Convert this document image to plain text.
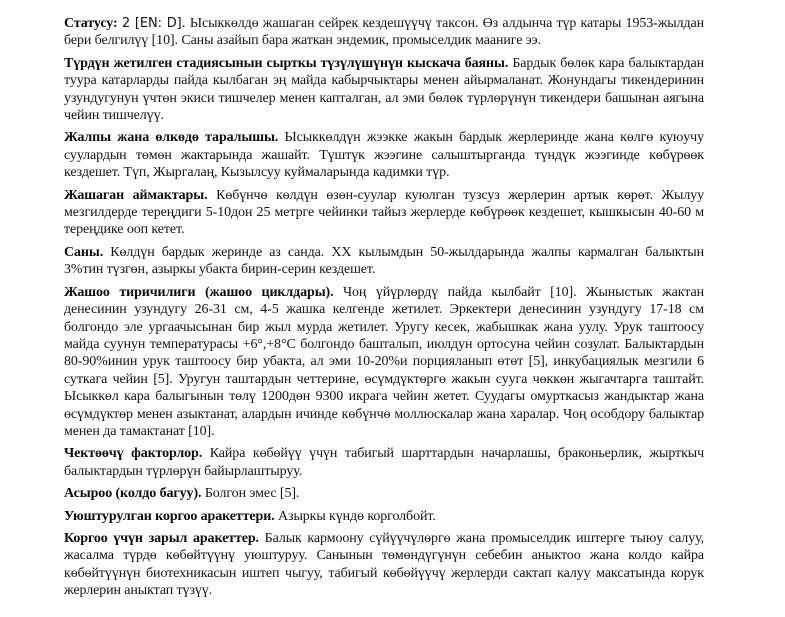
Статусу: 2 [EN: D]. Ысыккөлдө жашаган сейрек кездешүүчү таксон. Өз алдынча түр катары 1953-жылдан бери белгилүү [10]. Саны азайып бара жаткан эндемик, промыселдик мааниге ээ.

Түрдүн жетилген стадиясынын сырткы түзүлүшүнүн кыскача баяны. Бардык бөлөк кара балыктардан туура катарларды пайда кылбаган эң майда кабырчыктары менен айырмаланат. Жонундагы тикендеринин узундугунун үчтөн экиси тишчелер менен капталган, ал эми бөлөк түрлөрүнүн тикендери башынан аягына чейин тишчелүү.

Жалпы жана өлкөдө таралышы. Ысыккөлдүн жээкке жакын бардык жерлеринде жана көлгө куюучу суулардын төмөн жактарында жашайт. Түштүк жээгине салыштырганда түндүк жээгинде көбүрөөк кездешет. Түп, Жыргалаң, Кызылсуу куймаларында кадимки түр.

Жашаган аймактары. Көбүнчө көлдүн өзөн-суулар куюлган тузсуз жерлерин артык көрөт. Жылуу мезгилдерде тереңдиги 5-10дон 25 метрге чейинки тайыз жерлерде көбүрөөк кездешет, кышкысын 40-60 м тереңдике ооп кетет.

Саны. Көлдүн бардык жеринде аз санда. XX кылымдын 50-жылдарында жалпы кармалган балыктын 3%тин түзгөн, азыркы убакта бирин-серин кездешет.

Жашоо тиричилиги (жашоо циклдары). Чоң үйүрлөрдү пайда кылбайт [10]. Жыныстык жактан денесинин узундугу 26-31 см, 4-5 жашка келгенде жетилет. Эркектери денесинин узундугу 17-18 см болгондо эле ургаачысынан бир жыл мурда жетилет. Уругу кесек, жабышкак жана уулу. Урук таштоосу майда суунун температурасы +6°,+8°С болгондо башталып, июлдун ортосуна чейин созулат. Балыктардын 80-90%инин урук таштоосу бир убакта, ал эми 10-20%и порцияланып өтөт [5], инкубациялык мезгили 6 суткага чейин [5]. Уругун таштардын четтерине, өсүмдүктөргө жакын сууга чөккөн жыгачтарга таштайт. Ысыккөл кара балыгынын төлү 1200дөн 9300 икрага чейин жетет. Суудагы омурткасыз жандыктар жана өсүмдүктөр менен азыктанат, алардын ичинде көбүнчө моллюскалар жана харалар. Чоң особдору балыктар менен да тамактанат [10].

Чектөөчү факторлор. Кайра көбөйүү үчүн табигый шарттардын начарлашы, браконьерлик, жырткыч балыктардын түрлөрүн байырлаштыруу.

Асыроо (колдо багуу). Болгон эмес [5].

Уюштурулган коргоо аракеттери. Азыркы күндө корголбойт.

Коргоо үчүн зарыл аракеттер. Балык кармоону сүйүүчүлөргө жана промыселдик иштерге тыюу салуу, жасалма түрдө көбөйтүүнү уюштуруу. Санынын төмөндүгүнүн себебин аныктоо жана колдо кайра көбөйтүүнүн биотехникасын иштеп чыгуу, табигый көбөйүүчү жерлерди сактап калуу максатында корук жерлерин аныктап түзүү.
